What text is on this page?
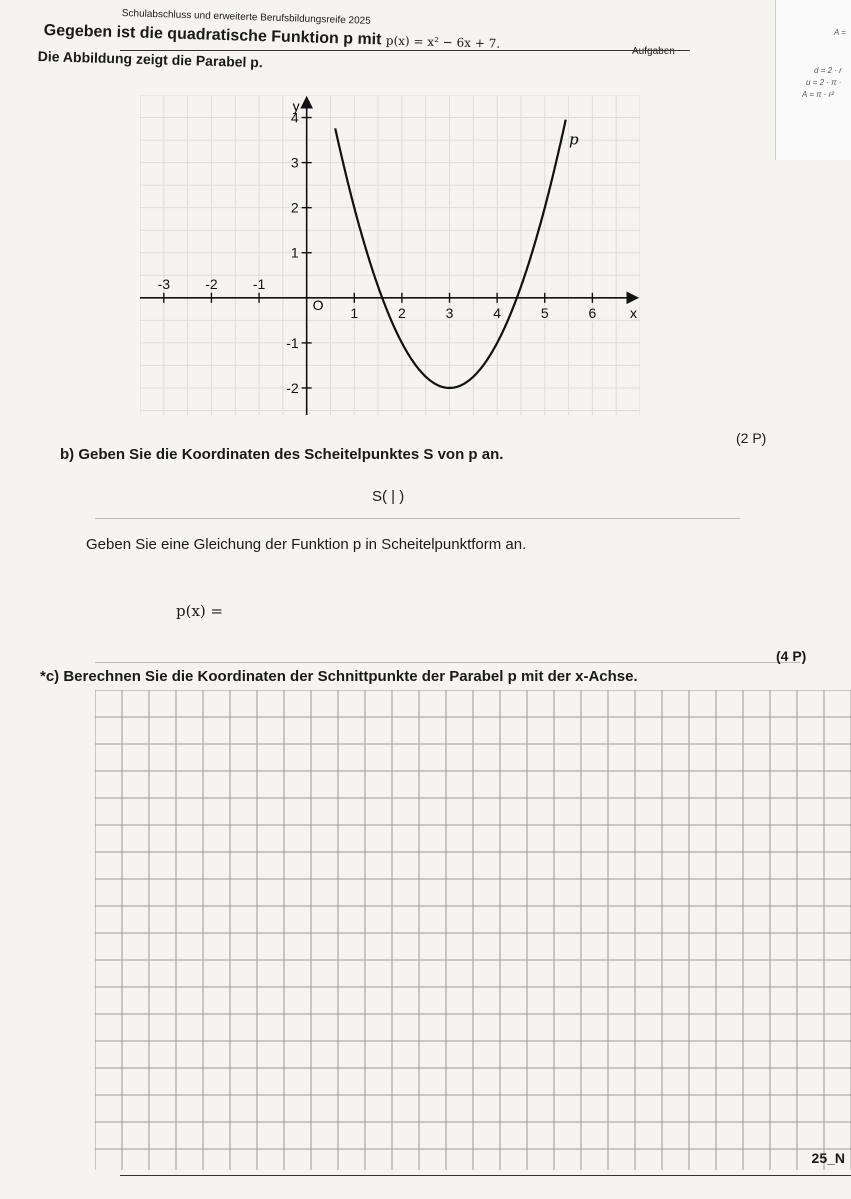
A =
d = 2 · r
u = 2 · π ·
A = π · r²
Schulabschluss und erweiterte Berufsbildungsreife 2025
Aufgaben
Gegeben ist die quadratische Funktion p mit p(x) = x² − 6x + 7.
Die Abbildung zeigt die Parabel p.
-3	-2	-1
1	2	3	4	5	6
4
3
2
1
-1
-2
x
y
O
p
b) Geben Sie die Koordinaten des Scheitelpunktes S von p an.
(2 P)
S( | )
Geben Sie eine Gleichung der Funktion p in Scheitelpunktform an.
p(x) =
*c) Berechnen Sie die Koordinaten der Schnittpunkte der Parabel p mit der x-Achse.
(4 P)
25_N
